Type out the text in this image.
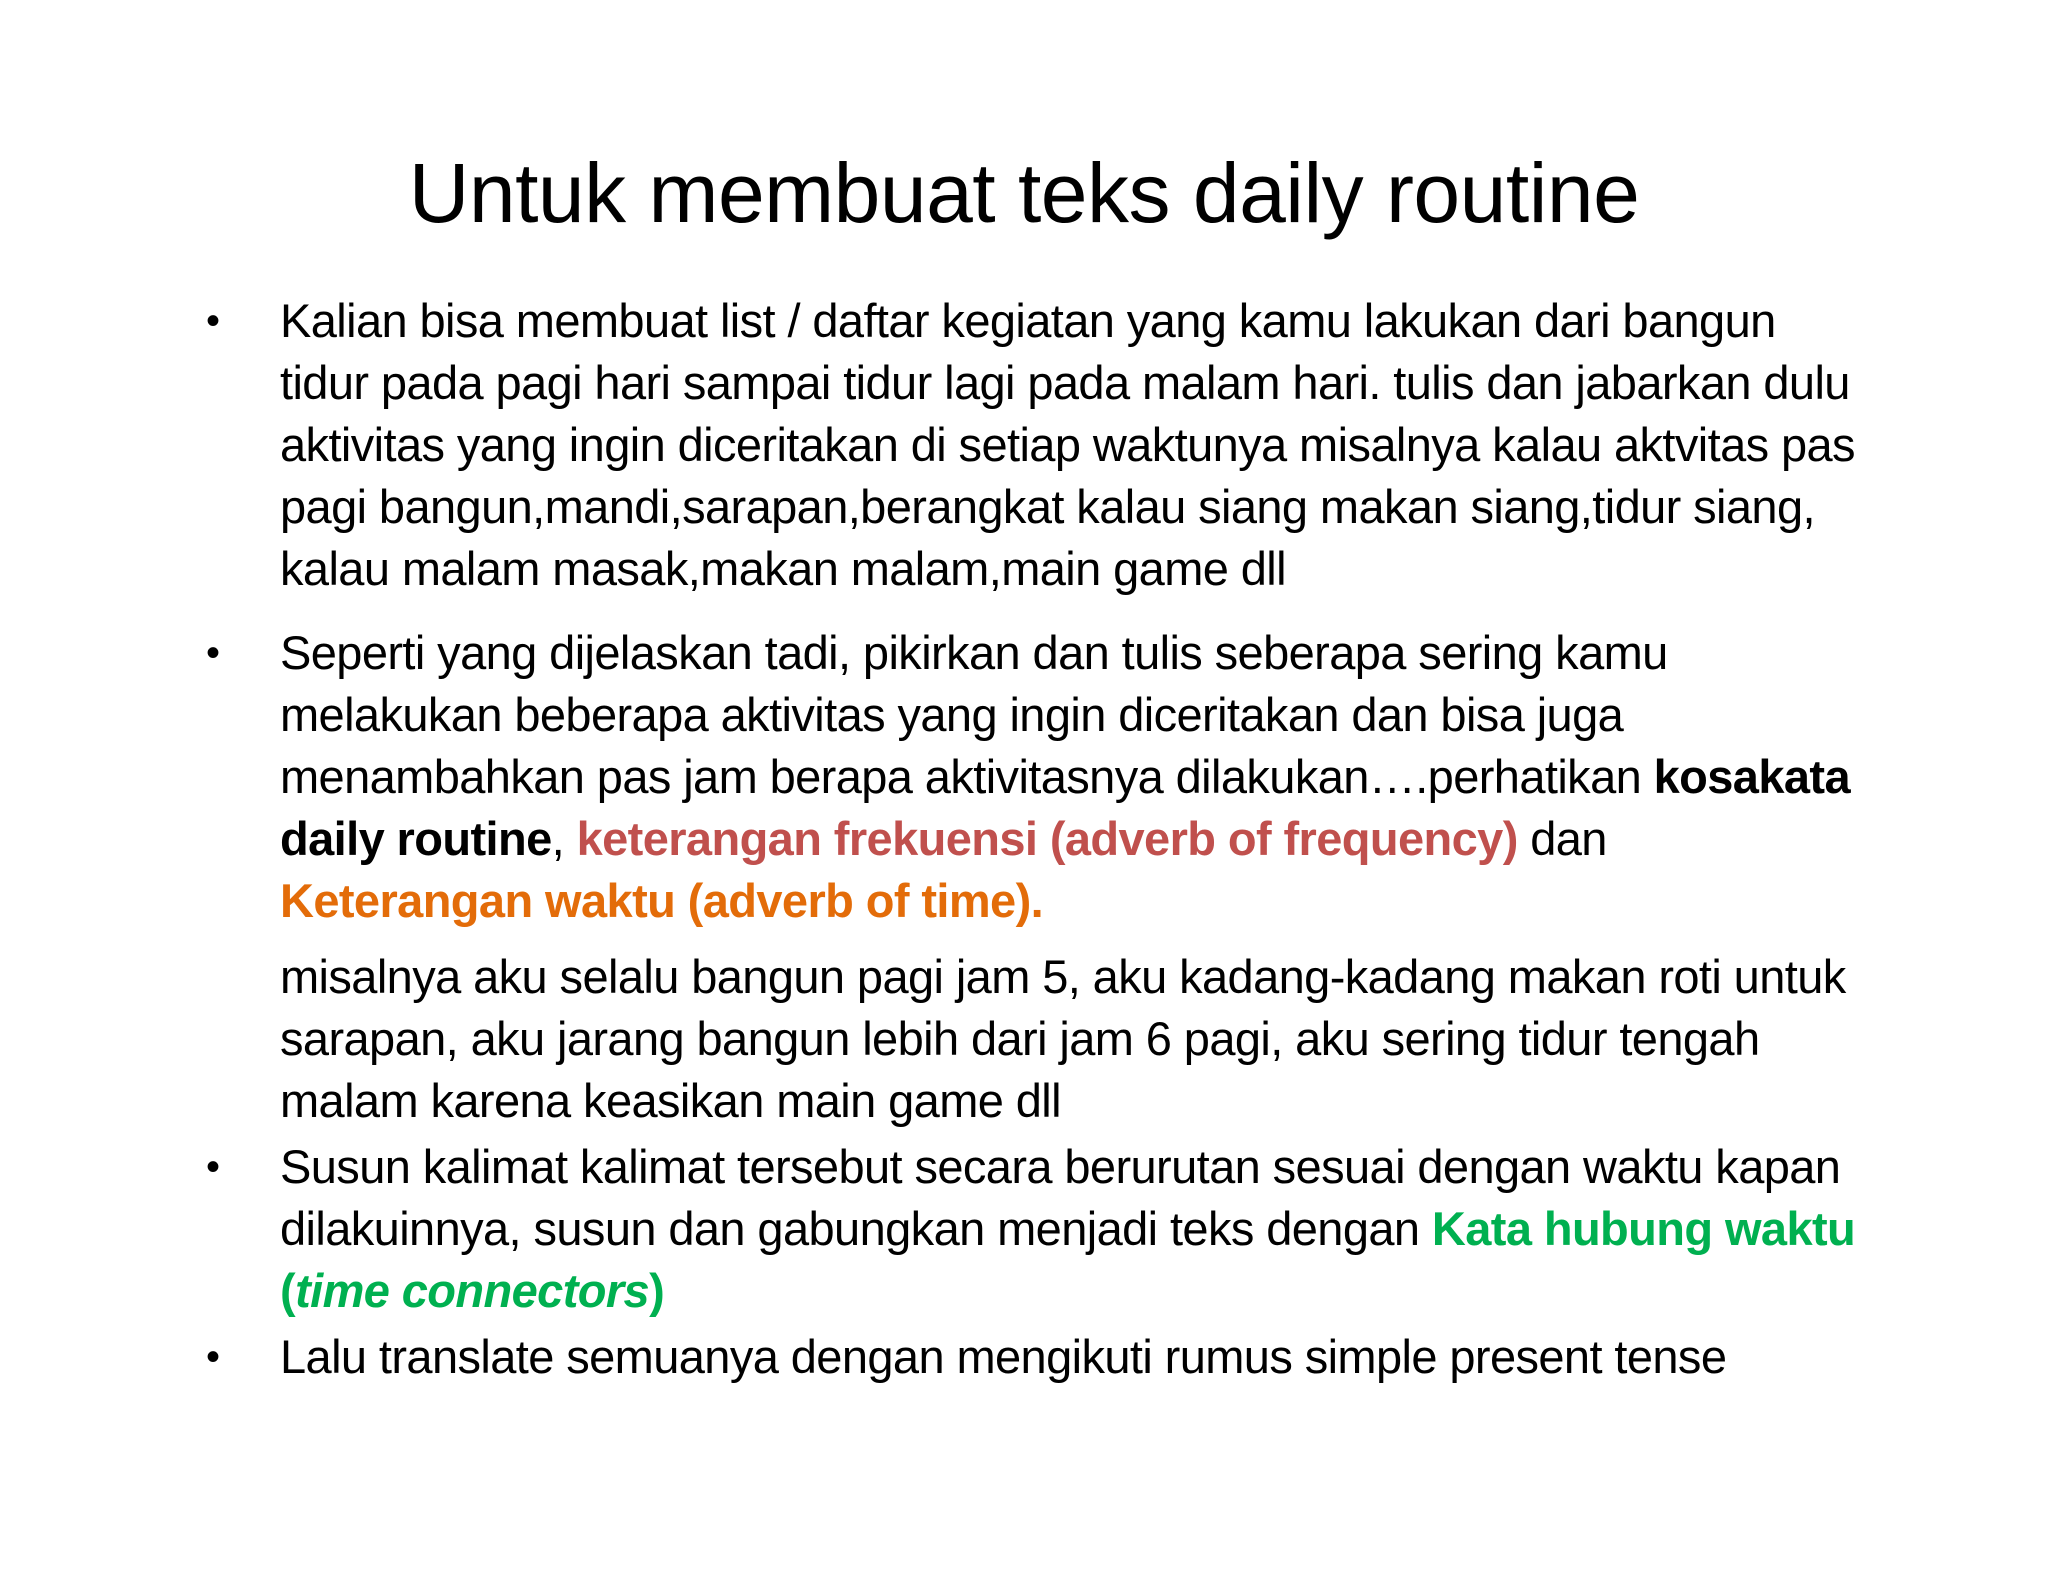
Untuk membuat teks daily routine
• Kalian bisa membuat list / daftar kegiatan yang kamu lakukan dari bangun tidur pada pagi hari sampai tidur lagi pada malam hari. tulis dan jabarkan dulu aktivitas yang ingin diceritakan di setiap waktunya misalnya kalau aktvitas pas pagi bangun,mandi,sarapan,berangkat kalau siang makan siang,tidur siang, kalau malam masak,makan malam,main game dll
• Seperti yang dijelaskan tadi, pikirkan dan tulis seberapa sering kamu melakukan beberapa aktivitas yang ingin diceritakan dan bisa juga menambahkan pas jam berapa aktivitasnya dilakukan….perhatikan kosakata daily routine, keterangan frekuensi (adverb of frequency) dan
Keterangan waktu (adverb of time).
misalnya aku selalu bangun pagi jam 5, aku kadang-kadang makan roti untuk sarapan, aku jarang bangun lebih dari jam 6 pagi, aku sering tidur tengah malam karena keasikan main game dll
• Susun kalimat kalimat tersebut secara berurutan sesuai dengan waktu kapan dilakuinnya, susun dan gabungkan menjadi teks dengan Kata hubung waktu (time connectors)
• Lalu translate semuanya dengan mengikuti rumus simple present tense
